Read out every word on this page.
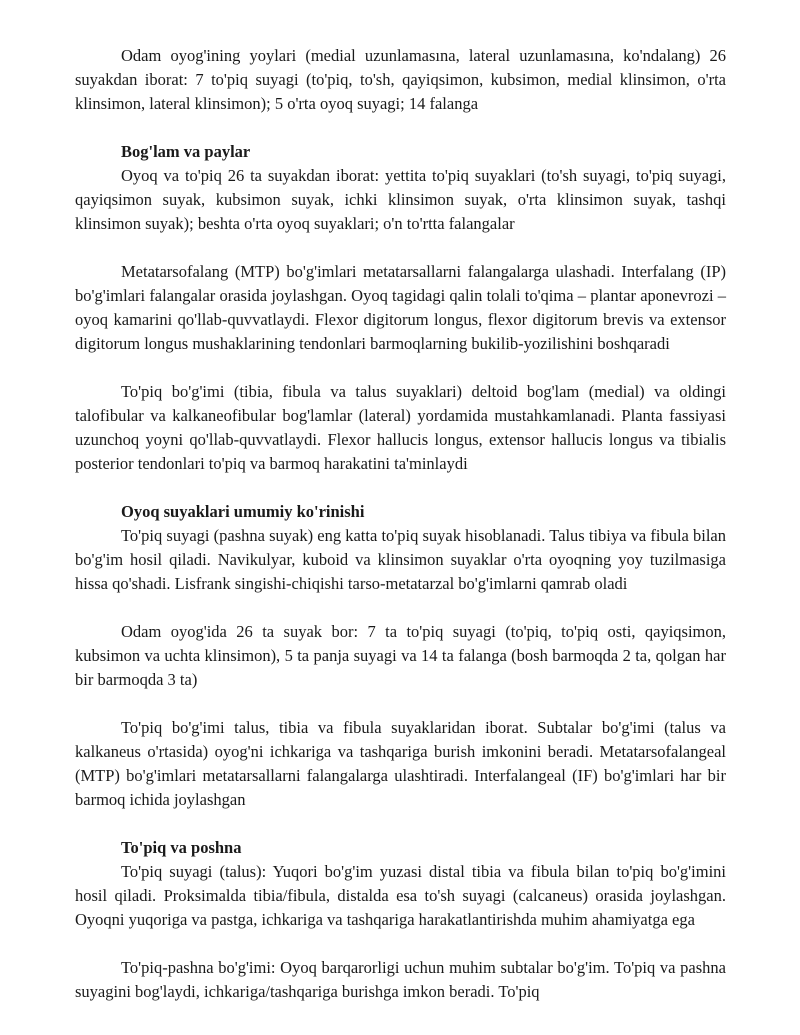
Odam oyog'ining yoylari (medial uzunlamasına, lateral uzunlamasına, ko'ndalang) 26 suyakdan iborat: 7 to'piq suyagi (to'piq, to'sh, qayiqsimon, kubsimon, medial klinsimon, o'rta klinsimon, lateral klinsimon); 5 o'rta oyoq suyagi; 14 falanga

Bog'lam va paylar

Oyoq va to'piq 26 ta suyakdan iborat: yettita to'piq suyaklari (to'sh suyagi, to'piq suyagi, qayiqsimon suyak, kubsimon suyak, ichki klinsimon suyak, o'rta klinsimon suyak, tashqi klinsimon suyak); beshta o'rta oyoq suyaklari; o'n to'rtta falangalar

Metatarsofalang (MTP) bo'g'imlari metatarsallarni falangalarga ulashadi. Interfalang (IP) bo'g'imlari falangalar orasida joylashgan. Oyoq tagidagi qalin tolali to'qima – plantar aponevrozi – oyoq kamarini qo'llab-quvvatlaydi. Flexor digitorum longus, flexor digitorum brevis va extensor digitorum longus mushaklarining tendonlari barmoqlarning bukilib-yozilishini boshqaradi

To'piq bo'g'imi (tibia, fibula va talus suyaklari) deltoid bog'lam (medial) va oldingi talofibular va kalkaneofibular bog'lamlar (lateral) yordamida mustahkamlanadi. Planta fassiyasi uzunchoq yoyni qo'llab-quvvatlaydi. Flexor hallucis longus, extensor hallucis longus va tibialis posterior tendonlari to'piq va barmoq harakatini ta'minlaydi

Oyoq suyaklari umumiy ko'rinishi

To'piq suyagi (pashna suyak) eng katta to'piq suyak hisoblanadi. Talus tibiya va fibula bilan bo'g'im hosil qiladi. Navikulyar, kuboid va klinsimon suyaklar o'rta oyoqning yoy tuzilmasiga hissa qo'shadi. Lisfrank singishi-chiqishi tarso-metatarzal bo'g'imlarni qamrab oladi

Odam oyog'ida 26 ta suyak bor: 7 ta to'piq suyagi (to'piq, to'piq osti, qayiqsimon, kubsimon va uchta klinsimon), 5 ta panja suyagi va 14 ta falanga (bosh barmoqda 2 ta, qolgan har bir barmoqda 3 ta)

To'piq bo'g'imi talus, tibia va fibula suyaklaridan iborat. Subtalar bo'g'imi (talus va kalkaneus o'rtasida) oyog'ni ichkariga va tashqariga burish imkonini beradi. Metatarsofalangeal (MTP) bo'g'imlari metatarsallarni falangalarga ulashtiradi. Interfalangeal (IF) bo'g'imlari har bir barmoq ichida joylashgan

To'piq va poshna

To'piq suyagi (talus): Yuqori bo'g'im yuzasi distal tibia va fibula bilan to'piq bo'g'imini hosil qiladi. Proksimalda tibia/fibula, distalda esa to'sh suyagi (calcaneus) orasida joylashgan. Oyoqni yuqoriga va pastga, ichkariga va tashqariga harakatlantirishda muhim ahamiyatga ega

To'piq-pashna bo'g'imi: Oyoq barqarorligi uchun muhim subtalar bo'g'im. To'piq va pashna suyagini bog'laydi, ichkariga/tashqariga burishga imkon beradi. To'piq
